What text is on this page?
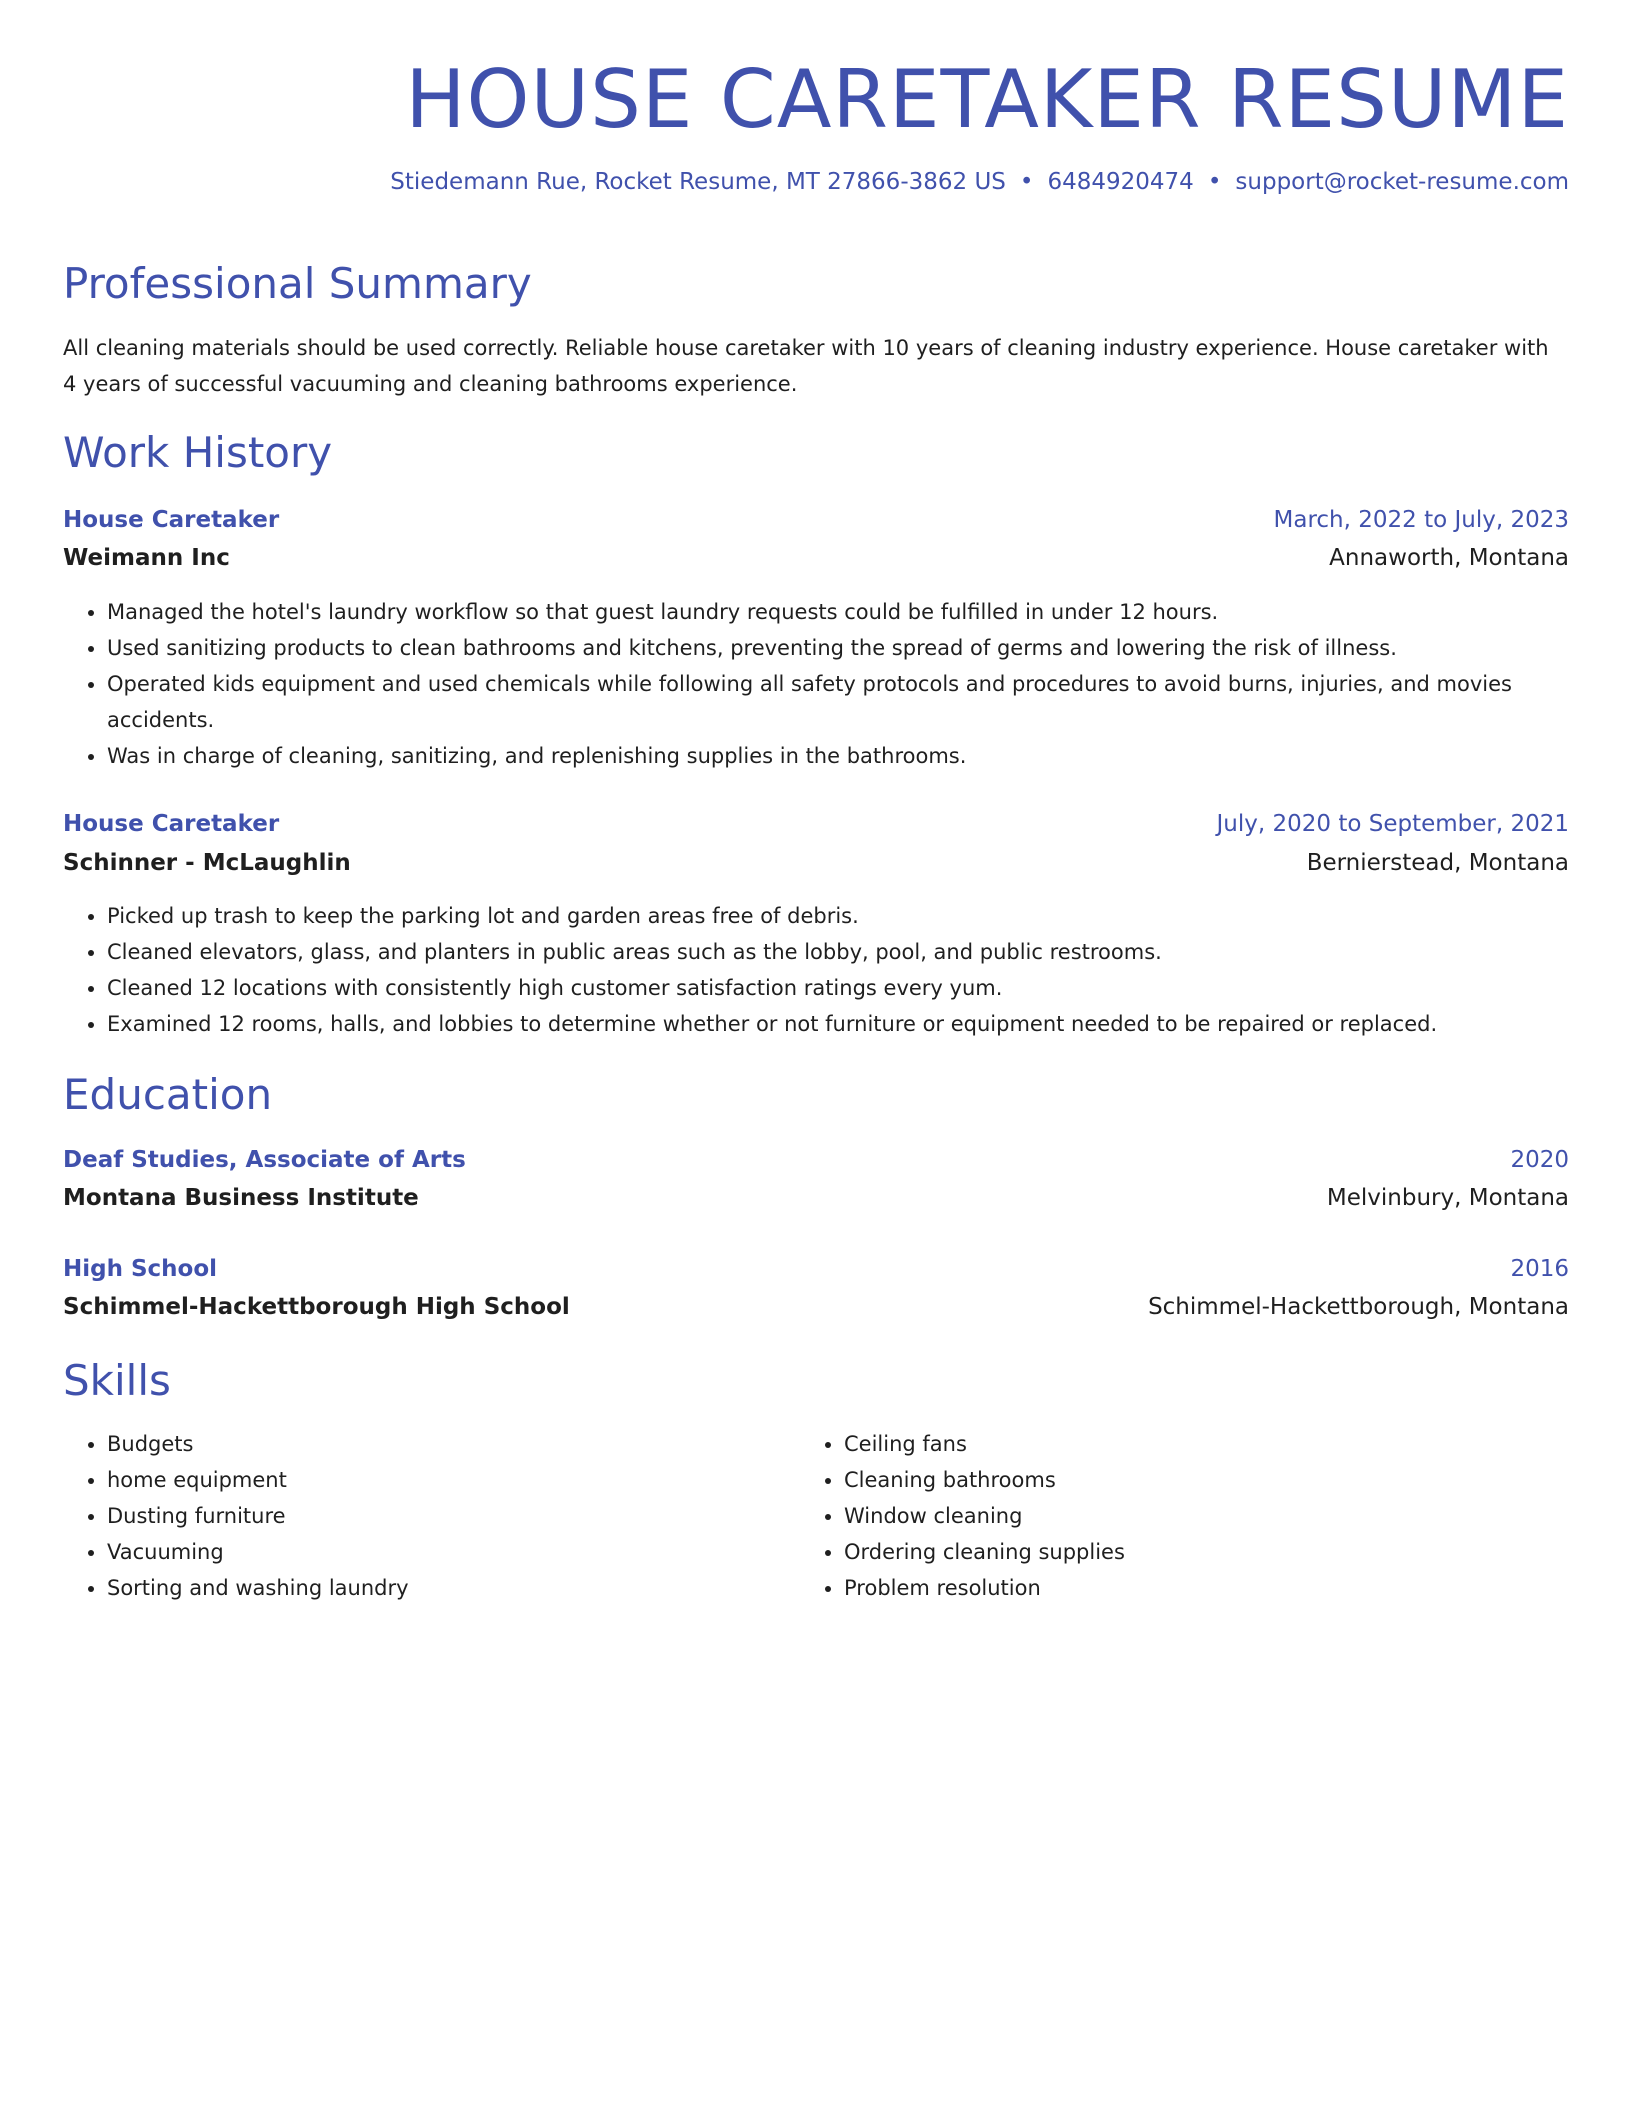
HOUSE CARETAKER RESUME

Stiedemann Rue, Rocket Resume, MT 27866-3862 US • 6484920474 • support@rocket-resume.com

Professional Summary

All cleaning materials should be used correctly. Reliable house caretaker with 10 years of cleaning industry experience. House caretaker with 4 years of successful vacuuming and cleaning bathrooms experience.

Work History
House Caretaker	March, 2022 to July, 2023
Weimann Inc	Annaworth, Montana
• Managed the hotel's laundry workflow so that guest laundry requests could be fulfilled in under 12 hours.
• Used sanitizing products to clean bathrooms and kitchens, preventing the spread of germs and lowering the risk of illness.
• Operated kids equipment and used chemicals while following all safety protocols and procedures to avoid burns, injuries, and movies accidents.
• Was in charge of cleaning, sanitizing, and replenishing supplies in the bathrooms.
House Caretaker	July, 2020 to September, 2021
Schinner - McLaughlin	Bernierstead, Montana
• Picked up trash to keep the parking lot and garden areas free of debris.
• Cleaned elevators, glass, and planters in public areas such as the lobby, pool, and public restrooms.
• Cleaned 12 locations with consistently high customer satisfaction ratings every yum.
• Examined 12 rooms, halls, and lobbies to determine whether or not furniture or equipment needed to be repaired or replaced.
Education
Deaf Studies, Associate of Arts	2020
Montana Business Institute	Melvinbury, Montana
High School	2016
Schimmel-Hackettborough High School	Schimmel-Hackettborough, Montana
Skills
• Budgets
• home equipment
• Dusting furniture
• Vacuuming
• Sorting and washing laundry
• Ceiling fans
• Cleaning bathrooms
• Window cleaning
• Ordering cleaning supplies
• Problem resolution
